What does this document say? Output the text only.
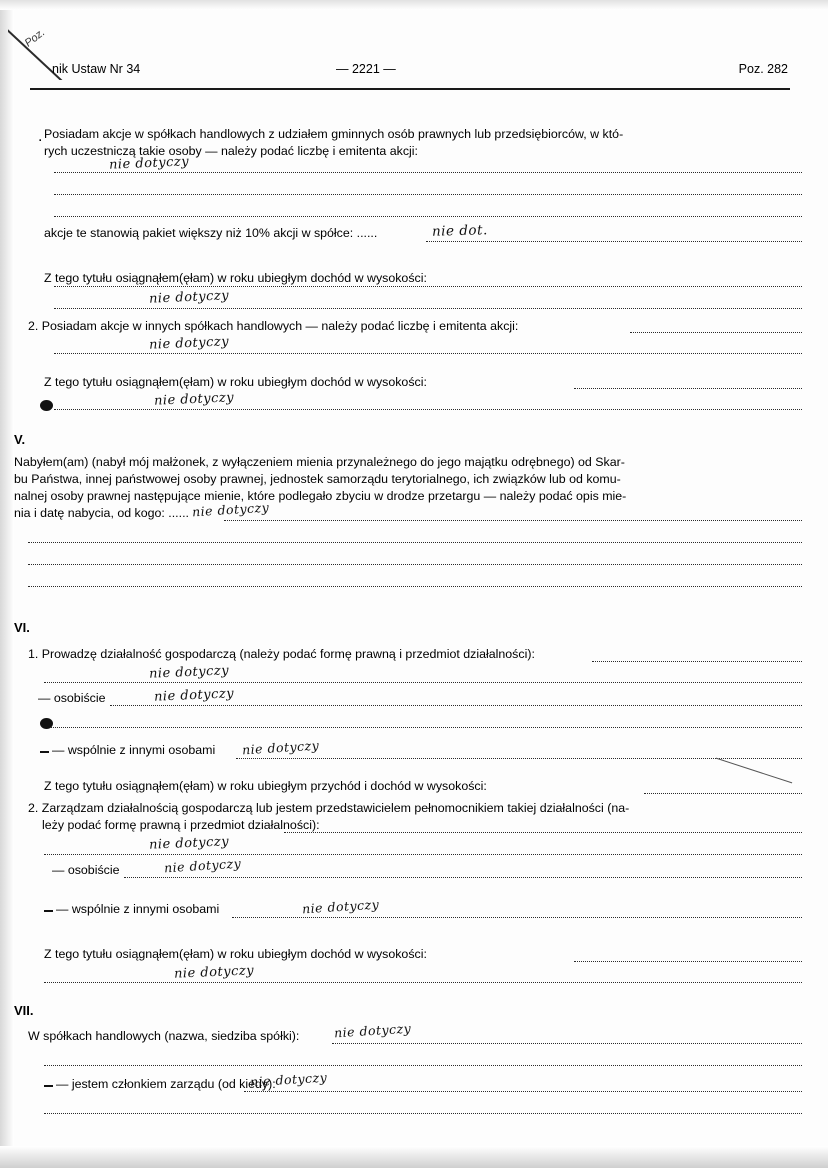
Poz.
nik Ustaw Nr 34	— 2221 —	Poz. 282
. Posiadam akcje w spółkach handlowych z udziałem gminnych osób prawnych lub przedsiębiorców, w któ-
rych uczestniczą takie osoby — należy podać liczbę i emitenta akcji:
nie dotyczy
akcje te stanowią pakiet większy niż 10% akcji w spółce: ......	nie dot.
Z tego tytułu osiągnąłem(ęłam) w roku ubiegłym dochód w wysokości:
nie dotyczy
2. Posiadam akcje w innych spółkach handlowych — należy podać liczbę i emitenta akcji:
nie dotyczy
Z tego tytułu osiągnąłem(ęłam) w roku ubiegłym dochód w wysokości:
nie dotyczy
V.
Nabyłem(am) (nabył mój małżonek, z wyłączeniem mienia przynależnego do jego majątku odrębnego) od Skar-
bu Państwa, innej państwowej osoby prawnej, jednostek samorządu terytorialnego, ich związków lub od komu-
nalnej osoby prawnej następujące mienie, które podlegało zbyciu w drodze przetargu — należy podać opis mie-
nia i datę nabycia, od kogo: ...... nie dotyczy
VI.
1. Prowadzę działalność gospodarczą (należy podać formę prawną i przedmiot działalności):
nie dotyczy
— osobiście	nie dotyczy
— wspólnie z innymi osobami	nie dotyczy
Z tego tytułu osiągnąłem(ęłam) w roku ubiegłym przychód i dochód w wysokości:
2. Zarządzam działalnością gospodarczą lub jestem przedstawicielem pełnomocnikiem takiej działalności (na-
leży podać formę prawną i przedmiot działalności):
nie dotyczy
— osobiście	nie dotyczy
— wspólnie z innymi osobami	nie dotyczy
Z tego tytułu osiągnąłem(ęłam) w roku ubiegłym dochód w wysokości:
nie dotyczy
VII.
W spółkach handlowych (nazwa, siedziba spółki):	nie dotyczy
— jestem członkiem zarządu (od kiedy):
nie dotyczy
